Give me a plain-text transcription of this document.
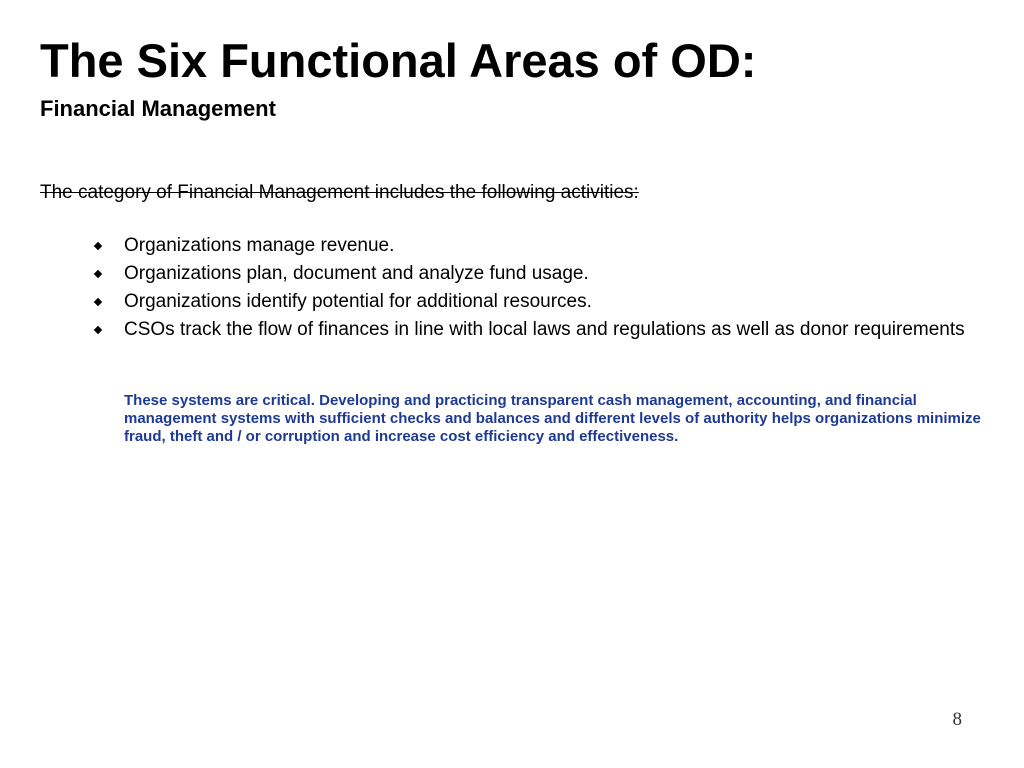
The Six Functional Areas of OD:
Financial Management

The category of Financial Management includes the following activities:

Organizations manage revenue.
Organizations plan, document and analyze fund usage.
Organizations identify potential for additional resources.
CSOs track the flow of finances in line with local laws and regulations as well as donor requirements

These systems are critical. Developing and practicing transparent cash management, accounting, and financial management systems with sufficient checks and balances and different levels of authority helps organizations minimize fraud, theft and / or corruption and increase cost efficiency and effectiveness.

8
